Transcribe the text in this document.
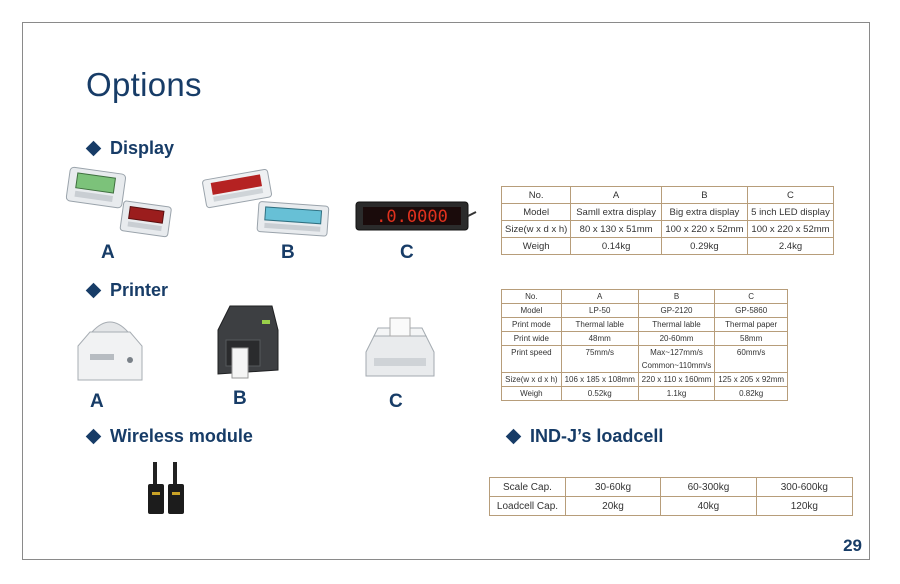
Options
Display
Printer
Wireless module	IND-J’s loadcell
.0.0000
A	B	C
No.	A	B	C
Model	Samll extra display	Big extra display	5 inch LED display
Size(w x d x h)	80 x 130 x 51mm	100 x 220 x 52mm	100 x 220 x 52mm
Weigh	0.14kg	0.29kg	2.4kg
A	B	C
No.	A	B	C
Model	LP-50	GP-2120	GP-5860
Print mode	Thermal lable	Thermal lable	Thermal paper
Print wide	48mm	20-60mm	58mm
Print speed	75mm/s	Max~127mm/s	60mm/s
		Common~110mm/s	
Size(w x d x h)	106 x 185 x 108mm	220 x 110 x 160mm	125 x 205 x 92mm
Weigh	0.52kg	1.1kg	0.82kg
Scale Cap.	30-60kg	60-300kg	300-600kg
Loadcell Cap.	20kg	40kg	120kg
29
